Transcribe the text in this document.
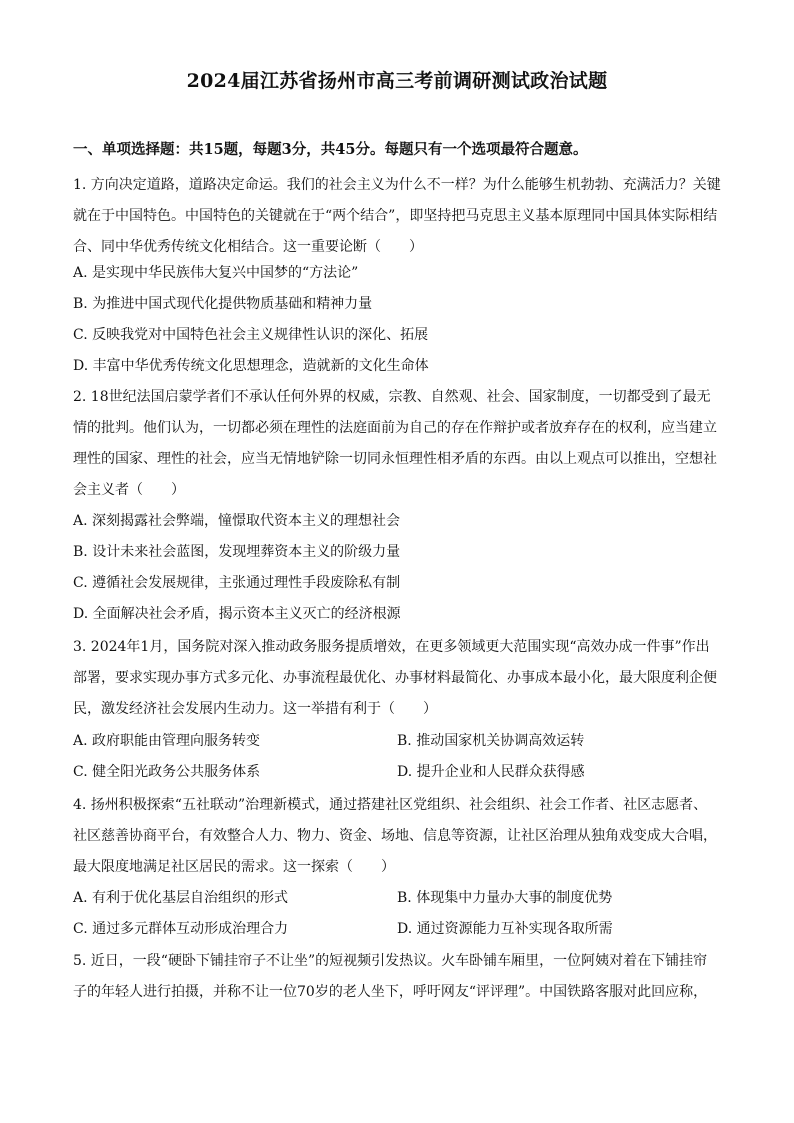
2024届江苏省扬州市高三考前调研测试政治试题
一、单项选择题：共15题，每题3分，共45分。每题只有一个选项最符合题意。

1. 方向决定道路，道路决定命运。我们的社会主义为什么不一样？为什么能够生机勃勃、充满活力？关键就在于中国特色。中国特色的关键就在于“两个结合”，即坚持把马克思主义基本原理同中国具体实际相结合、同中华优秀传统文化相结合。这一重要论断（　　）

A. 是实现中华民族伟大复兴中国梦的“方法论”
B. 为推进中国式现代化提供物质基础和精神力量
C. 反映我党对中国特色社会主义规律性认识的深化、拓展
D. 丰富中华优秀传统文化思想理念，造就新的文化生命体

2. 18世纪法国启蒙学者们不承认任何外界的权威，宗教、自然观、社会、国家制度，一切都受到了最无情的批判。他们认为，一切都必须在理性的法庭面前为自己的存在作辩护或者放弃存在的权利，应当建立理性的国家、理性的社会，应当无情地铲除一切同永恒理性相矛盾的东西。由以上观点可以推出，空想社会主义者（　　）

A. 深刻揭露社会弊端，憧憬取代资本主义的理想社会
B. 设计未来社会蓝图，发现埋葬资本主义的阶级力量
C. 遵循社会发展规律，主张通过理性手段废除私有制
D. 全面解决社会矛盾，揭示资本主义灭亡的经济根源

3. 2024年1月，国务院对深入推动政务服务提质增效，在更多领域更大范围实现“高效办成一件事”作出部署，要求实现办事方式多元化、办事流程最优化、办事材料最简化、办事成本最小化，最大限度利企便民，激发经济社会发展内生动力。这一举措有利于（　　）

A. 政府职能由管理向服务转变	B. 推动国家机关协调高效运转
C. 健全阳光政务公共服务体系	D. 提升企业和人民群众获得感

4. 扬州积极探索“五社联动”治理新模式，通过搭建社区党组织、社会组织、社会工作者、社区志愿者、社区慈善协商平台，有效整合人力、物力、资金、场地、信息等资源，让社区治理从独角戏变成大合唱，最大限度地满足社区居民的需求。这一探索（　　）

A. 有利于优化基层自治组织的形式	B. 体现集中力量办大事的制度优势
C. 通过多元群体互动形成治理合力	D. 通过资源能力互补实现各取所需

5. 近日，一段“硬卧下铺挂帘子不让坐”的短视频引发热议。火车卧铺车厢里，一位阿姨对着在下铺挂帘子的年轻人进行拍摄，并称不让一位70岁的老人坐下，呼吁网友“评评理”。中国铁路客服对此回应称，
